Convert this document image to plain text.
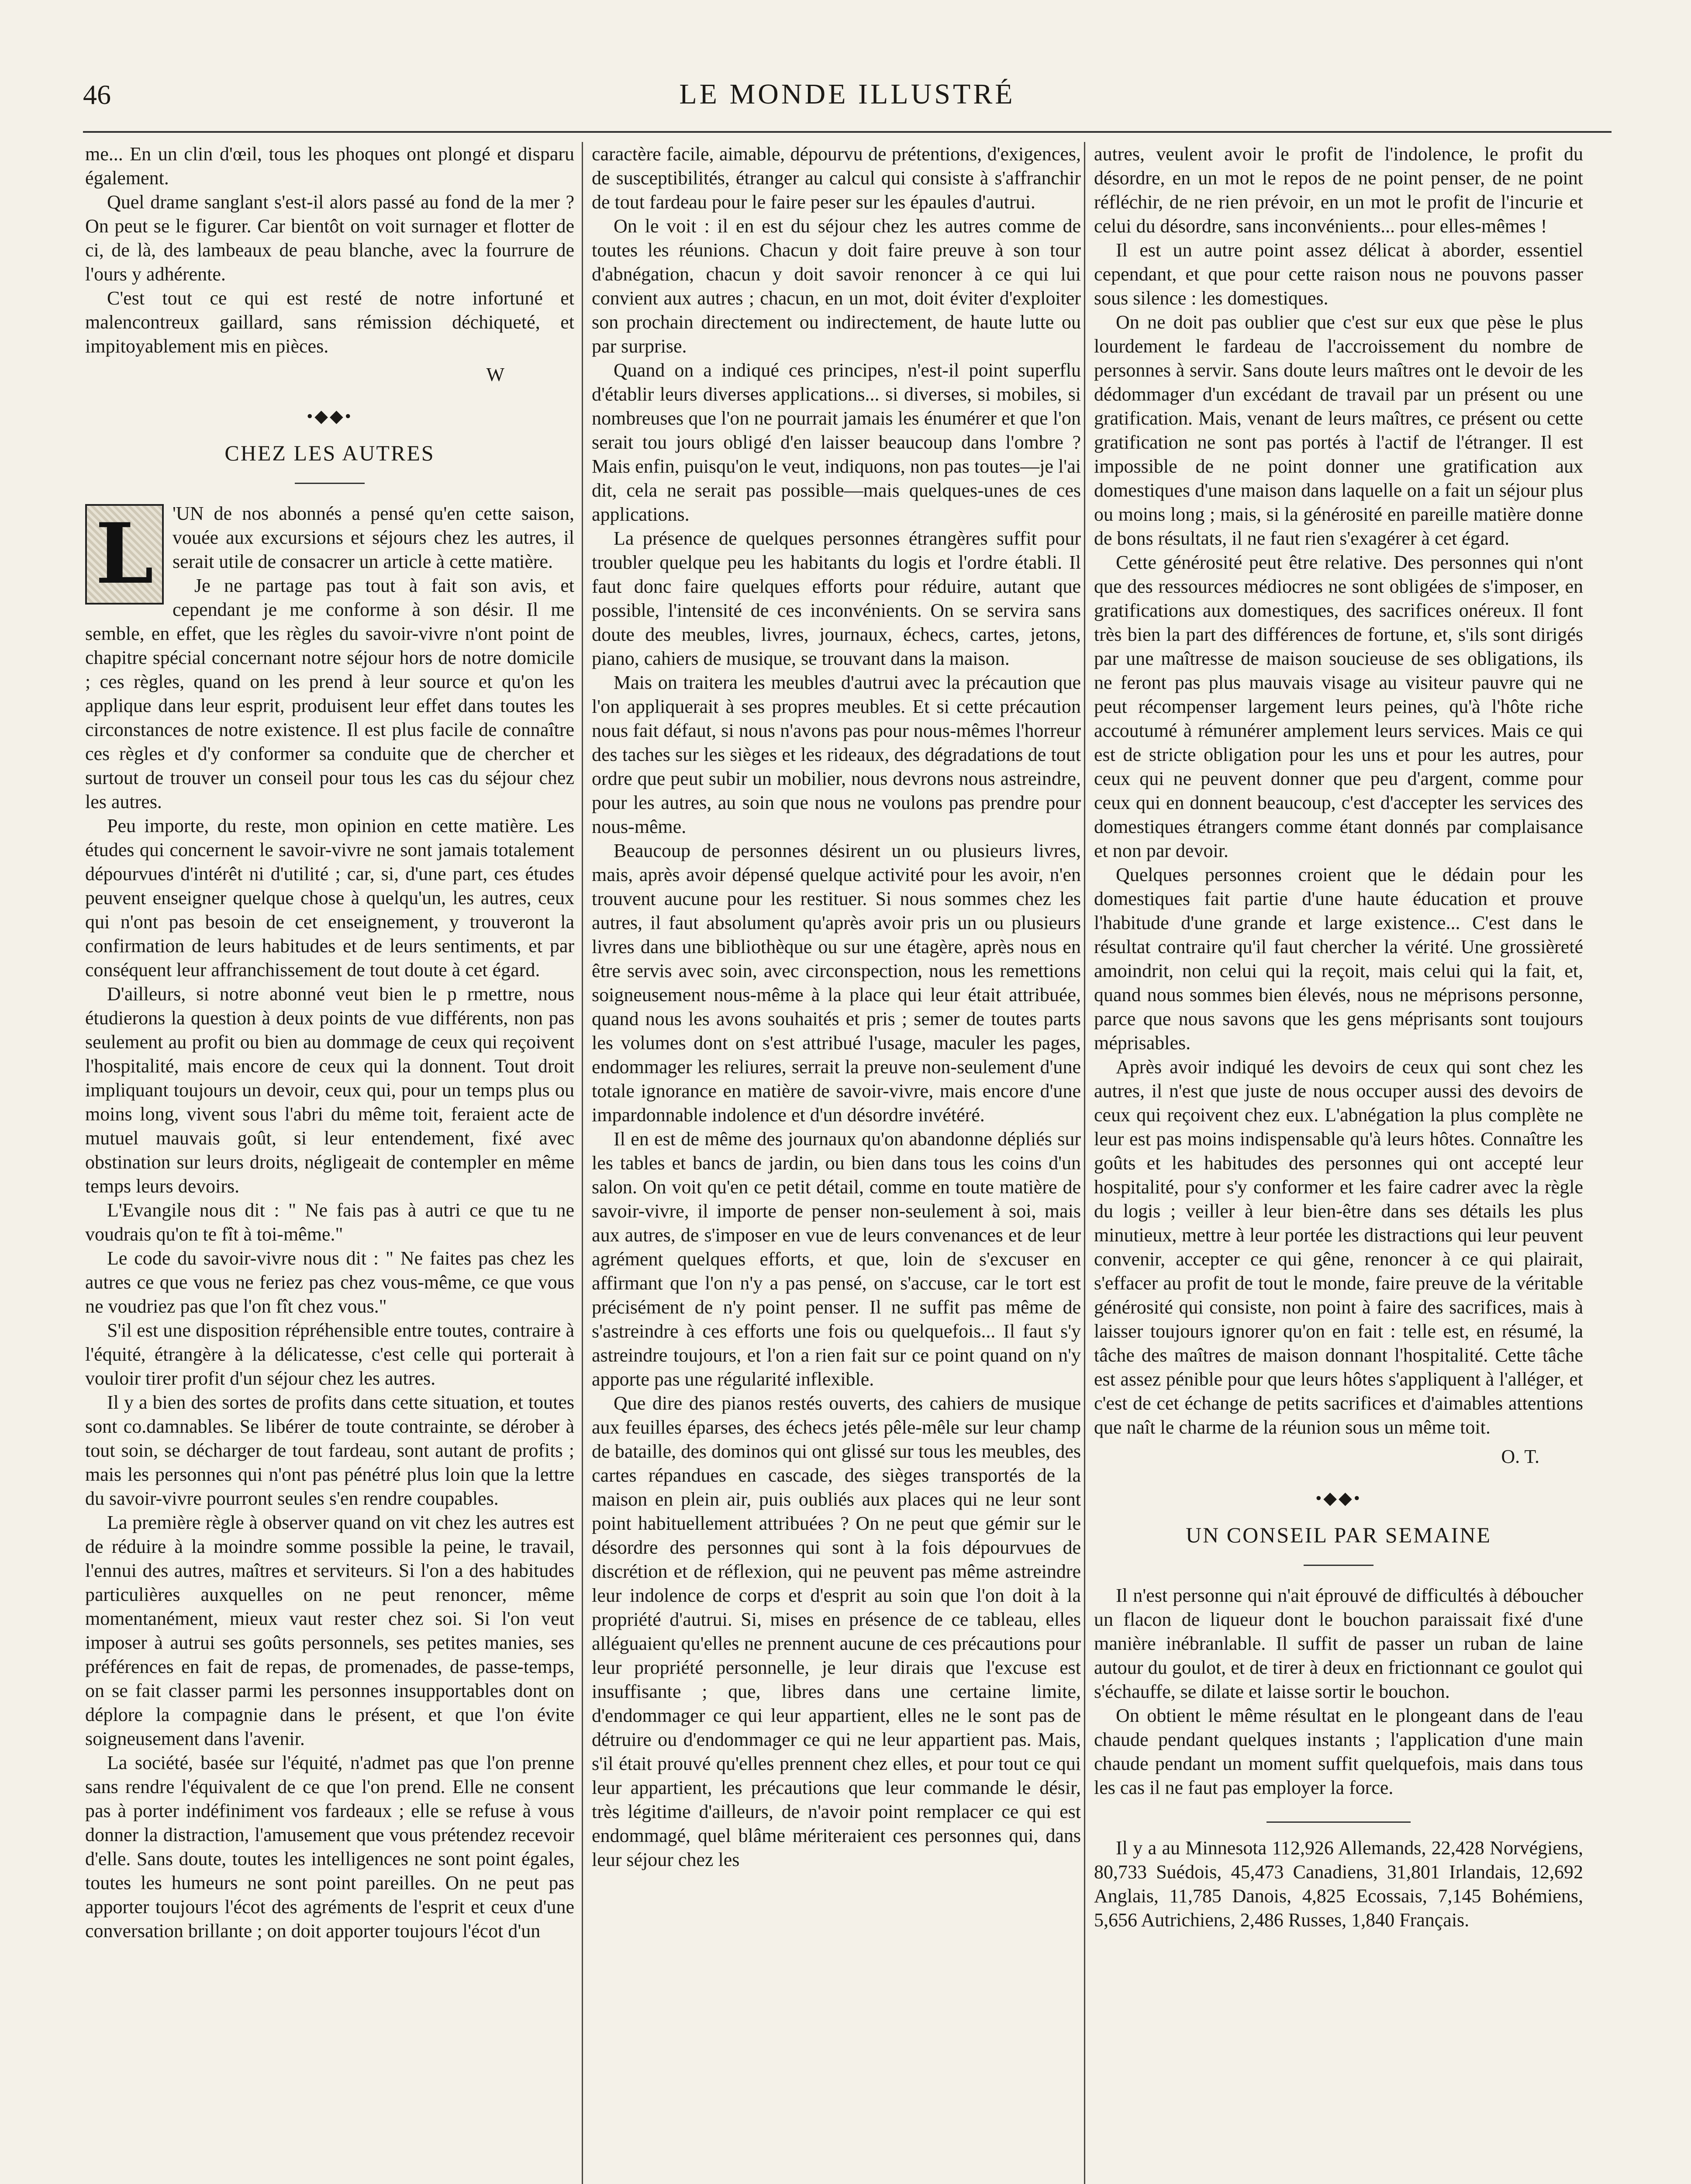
46	LE MONDE ILLUSTRÉ

me... En un clin d'œil, tous les phoques ont plongé et disparu également.

Quel drame sanglant s'est-il alors passé au fond de la mer ? On peut se le figurer. Car bientôt on voit surnager et flotter de ci, de là, des lambeaux de peau blanche, avec la fourrure de l'ours y adhérente.

C'est tout ce qui est resté de notre infortuné et malencontreux gaillard, sans rémission déchiqueté, et impitoyablement mis en pièces.

W
•◆◆•
CHEZ LES AUTRES
L 'UN de nos abonnés a pensé qu'en cette saison, vouée aux excursions et séjours chez les autres, il serait utile de consacrer un article à cette matière.

Je ne partage pas tout à fait son avis, et cependant je me conforme à son désir. Il me semble, en effet, que les règles du savoir-vivre n'ont point de chapitre spécial concernant notre séjour hors de notre domicile ; ces règles, quand on les prend à leur source et qu'on les applique dans leur esprit, produisent leur effet dans toutes les circonstances de notre existence. Il est plus facile de connaître ces règles et d'y conformer sa conduite que de chercher et surtout de trouver un conseil pour tous les cas du séjour chez les autres.

Peu importe, du reste, mon opinion en cette matière. Les études qui concernent le savoir-vivre ne sont jamais totalement dépourvues d'intérêt ni d'utilité ; car, si, d'une part, ces études peuvent enseigner quelque chose à quelqu'un, les autres, ceux qui n'ont pas besoin de cet enseignement, y trouveront la confirmation de leurs habitudes et de leurs sentiments, et par conséquent leur affranchissement de tout doute à cet égard.

D'ailleurs, si notre abonné veut bien le p rmettre, nous étudierons la question à deux points de vue différents, non pas seulement au profit ou bien au dommage de ceux qui reçoivent l'hospitalité, mais encore de ceux qui la donnent. Tout droit impliquant toujours un devoir, ceux qui, pour un temps plus ou moins long, vivent sous l'abri du même toit, feraient acte de mutuel mauvais goût, si leur entendement, fixé avec obstination sur leurs droits, négligeait de contempler en même temps leurs devoirs.

L'Evangile nous dit : " Ne fais pas à autri ce que tu ne voudrais qu'on te fît à toi-même."

Le code du savoir-vivre nous dit : " Ne faites pas chez les autres ce que vous ne feriez pas chez vous-même, ce que vous ne voudriez pas que l'on fît chez vous."

S'il est une disposition répréhensible entre toutes, contraire à l'équité, étrangère à la délicatesse, c'est celle qui porterait à vouloir tirer profit d'un séjour chez les autres.

Il y a bien des sortes de profits dans cette situation, et toutes sont co.damnables. Se libérer de toute contrainte, se dérober à tout soin, se décharger de tout fardeau, sont autant de profits ; mais les personnes qui n'ont pas pénétré plus loin que la lettre du savoir-vivre pourront seules s'en rendre coupables.

La première règle à observer quand on vit chez les autres est de réduire à la moindre somme possible la peine, le travail, l'ennui des autres, maîtres et serviteurs. Si l'on a des habitudes particulières auxquelles on ne peut renoncer, même momentanément, mieux vaut rester chez soi. Si l'on veut imposer à autrui ses goûts personnels, ses petites manies, ses préférences en fait de repas, de promenades, de passe-temps, on se fait classer parmi les personnes insupportables dont on déplore la compagnie dans le présent, et que l'on évite soigneusement dans l'avenir.

La société, basée sur l'équité, n'admet pas que l'on prenne sans rendre l'équivalent de ce que l'on prend. Elle ne consent pas à porter indéfiniment vos fardeaux ; elle se refuse à vous donner la distraction, l'amusement que vous prétendez recevoir d'elle. Sans doute, toutes les intelligences ne sont point égales, toutes les humeurs ne sont point pareilles. On ne peut pas apporter toujours l'écot des agréments de l'esprit et ceux d'une conversation brillante ; on doit apporter toujours l'écot d'un

caractère facile, aimable, dépourvu de prétentions, d'exigences, de susceptibilités, étranger au calcul qui consiste à s'affranchir de tout fardeau pour le faire peser sur les épaules d'autrui.

On le voit : il en est du séjour chez les autres comme de toutes les réunions. Chacun y doit faire preuve à son tour d'abnégation, chacun y doit savoir renoncer à ce qui lui convient aux autres ; chacun, en un mot, doit éviter d'exploiter son prochain directement ou indirectement, de haute lutte ou par surprise.

Quand on a indiqué ces principes, n'est-il point superflu d'établir leurs diverses applications... si diverses, si mobiles, si nombreuses que l'on ne pourrait jamais les énumérer et que l'on serait tou jours obligé d'en laisser beaucoup dans l'ombre ? Mais enfin, puisqu'on le veut, indiquons, non pas toutes—je l'ai dit, cela ne serait pas possible—mais quelques-unes de ces applications.

La présence de quelques personnes étrangères suffit pour troubler quelque peu les habitants du logis et l'ordre établi. Il faut donc faire quelques efforts pour réduire, autant que possible, l'intensité de ces inconvénients. On se servira sans doute des meubles, livres, journaux, échecs, cartes, jetons, piano, cahiers de musique, se trouvant dans la maison.

Mais on traitera les meubles d'autrui avec la précaution que l'on appliquerait à ses propres meubles. Et si cette précaution nous fait défaut, si nous n'avons pas pour nous-mêmes l'horreur des taches sur les sièges et les rideaux, des dégradations de tout ordre que peut subir un mobilier, nous devrons nous astreindre, pour les autres, au soin que nous ne voulons pas prendre pour nous-même.

Beaucoup de personnes désirent un ou plusieurs livres, mais, après avoir dépensé quelque activité pour les avoir, n'en trouvent aucune pour les restituer. Si nous sommes chez les autres, il faut absolument qu'après avoir pris un ou plusieurs livres dans une bibliothèque ou sur une étagère, après nous en être servis avec soin, avec circonspection, nous les remettions soigneusement nous-même à la place qui leur était attribuée, quand nous les avons souhaités et pris ; semer de toutes parts les volumes dont on s'est attribué l'usage, maculer les pages, endommager les reliures, serrait la preuve non-seulement d'une totale ignorance en matière de savoir-vivre, mais encore d'une impardonnable indolence et d'un désordre invétéré.

Il en est de même des journaux qu'on abandonne dépliés sur les tables et bancs de jardin, ou bien dans tous les coins d'un salon. On voit qu'en ce petit détail, comme en toute matière de savoir-vivre, il importe de penser non-seulement à soi, mais aux autres, de s'imposer en vue de leurs convenances et de leur agrément quelques efforts, et que, loin de s'excuser en affirmant que l'on n'y a pas pensé, on s'accuse, car le tort est précisément de n'y point penser. Il ne suffit pas même de s'astreindre à ces efforts une fois ou quelquefois... Il faut s'y astreindre toujours, et l'on a rien fait sur ce point quand on n'y apporte pas une régularité inflexible.

Que dire des pianos restés ouverts, des cahiers de musique aux feuilles éparses, des échecs jetés pêle-mêle sur leur champ de bataille, des dominos qui ont glissé sur tous les meubles, des cartes répandues en cascade, des sièges transportés de la maison en plein air, puis oubliés aux places qui ne leur sont point habituellement attribuées ? On ne peut que gémir sur le désordre des personnes qui sont à la fois dépourvues de discrétion et de réflexion, qui ne peuvent pas même astreindre leur indolence de corps et d'esprit au soin que l'on doit à la propriété d'autrui. Si, mises en présence de ce tableau, elles alléguaient qu'elles ne prennent aucune de ces précautions pour leur propriété personnelle, je leur dirais que l'excuse est insuffisante ; que, libres dans une certaine limite, d'endommager ce qui leur appartient, elles ne le sont pas de détruire ou d'endommager ce qui ne leur appartient pas. Mais, s'il était prouvé qu'elles prennent chez elles, et pour tout ce qui leur appartient, les précautions que leur commande le désir, très légitime d'ailleurs, de n'avoir point remplacer ce qui est endommagé, quel blâme mériteraient ces personnes qui, dans leur séjour chez les

autres, veulent avoir le profit de l'indolence, le profit du désordre, en un mot le repos de ne point penser, de ne point réfléchir, de ne rien prévoir, en un mot le profit de l'incurie et celui du désordre, sans inconvénients... pour elles-mêmes !

Il est un autre point assez délicat à aborder, essentiel cependant, et que pour cette raison nous ne pouvons passer sous silence : les domestiques.

On ne doit pas oublier que c'est sur eux que pèse le plus lourdement le fardeau de l'accroissement du nombre de personnes à servir. Sans doute leurs maîtres ont le devoir de les dédommager d'un excédant de travail par un présent ou une gratification. Mais, venant de leurs maîtres, ce présent ou cette gratification ne sont pas portés à l'actif de l'étranger. Il est impossible de ne point donner une gratification aux domestiques d'une maison dans laquelle on a fait un séjour plus ou moins long ; mais, si la générosité en pareille matière donne de bons résultats, il ne faut rien s'exagérer à cet égard.

Cette générosité peut être relative. Des personnes qui n'ont que des ressources médiocres ne sont obligées de s'imposer, en gratifications aux domestiques, des sacrifices onéreux. Il font très bien la part des différences de fortune, et, s'ils sont dirigés par une maîtresse de maison soucieuse de ses obligations, ils ne feront pas plus mauvais visage au visiteur pauvre qui ne peut récompenser largement leurs peines, qu'à l'hôte riche accoutumé à rémunérer amplement leurs services. Mais ce qui est de stricte obligation pour les uns et pour les autres, pour ceux qui ne peuvent donner que peu d'argent, comme pour ceux qui en donnent beaucoup, c'est d'accepter les services des domestiques étrangers comme étant donnés par complaisance et non par devoir.

Quelques personnes croient que le dédain pour les domestiques fait partie d'une haute éducation et prouve l'habitude d'une grande et large existence... C'est dans le résultat contraire qu'il faut chercher la vérité. Une grossièreté amoindrit, non celui qui la reçoit, mais celui qui la fait, et, quand nous sommes bien élevés, nous ne méprisons personne, parce que nous savons que les gens méprisants sont toujours méprisables.

Après avoir indiqué les devoirs de ceux qui sont chez les autres, il n'est que juste de nous occuper aussi des devoirs de ceux qui reçoivent chez eux. L'abnégation la plus complète ne leur est pas moins indispensable qu'à leurs hôtes. Connaître les goûts et les habitudes des personnes qui ont accepté leur hospitalité, pour s'y conformer et les faire cadrer avec la règle du logis ; veiller à leur bien-être dans ses détails les plus minutieux, mettre à leur portée les distractions qui leur peuvent convenir, accepter ce qui gêne, renoncer à ce qui plairait, s'effacer au profit de tout le monde, faire preuve de la véritable générosité qui consiste, non point à faire des sacrifices, mais à laisser toujours ignorer qu'on en fait : telle est, en résumé, la tâche des maîtres de maison donnant l'hospitalité. Cette tâche est assez pénible pour que leurs hôtes s'appliquent à l'alléger, et c'est de cet échange de petits sacrifices et d'aimables attentions que naît le charme de la réunion sous un même toit.

O. T.
•◆◆•
UN CONSEIL PAR SEMAINE

Il n'est personne qui n'ait éprouvé de difficultés à déboucher un flacon de liqueur dont le bouchon paraissait fixé d'une manière inébranlable. Il suffit de passer un ruban de laine autour du goulot, et de tirer à deux en frictionnant ce goulot qui s'échauffe, se dilate et laisse sortir le bouchon.

On obtient le même résultat en le plongeant dans de l'eau chaude pendant quelques instants ; l'application d'une main chaude pendant un moment suffit quelquefois, mais dans tous les cas il ne faut pas employer la force.

Il y a au Minnesota 112,926 Allemands, 22,428 Norvégiens, 80,733 Suédois, 45,473 Canadiens, 31,801 Irlandais, 12,692 Anglais, 11,785 Danois, 4,825 Ecossais, 7,145 Bohémiens, 5,656 Autrichiens, 2,486 Russes, 1,840 Français.
